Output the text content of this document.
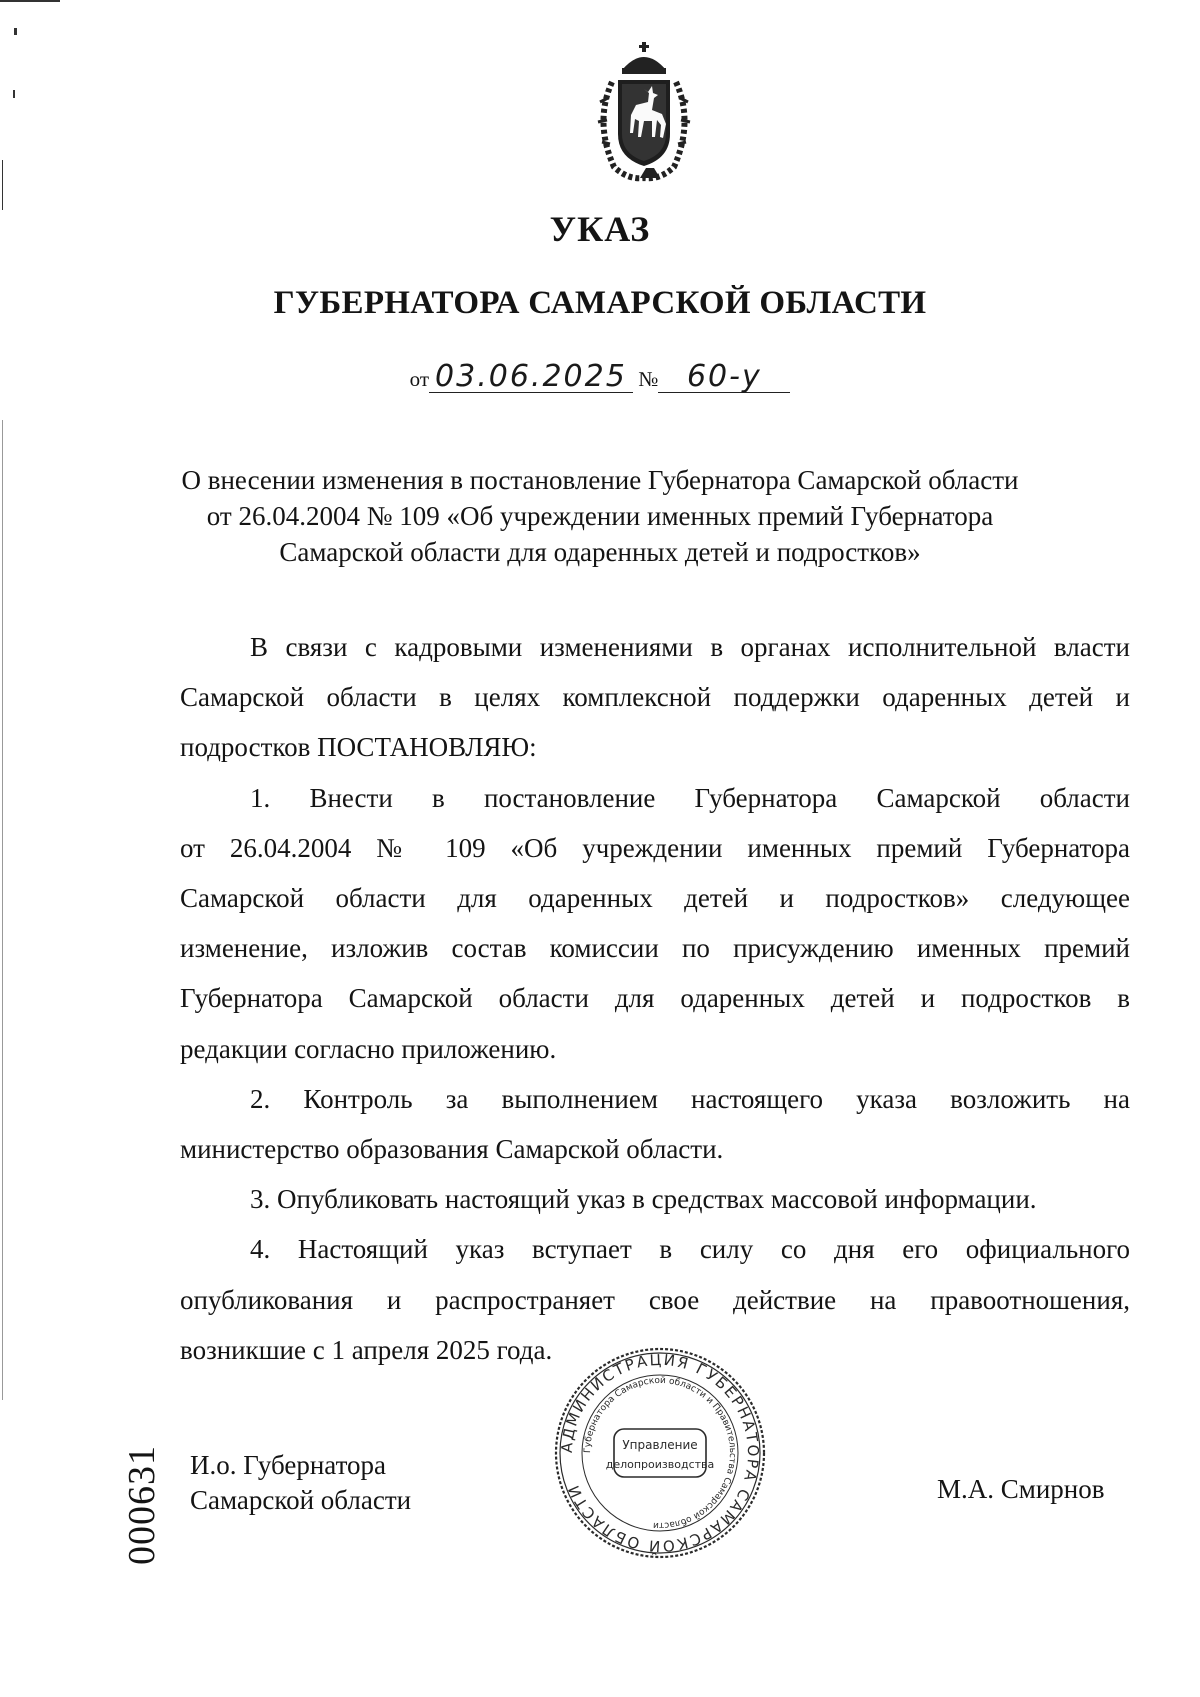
УКАЗ
ГУБЕРНАТОРА САМАРСКОЙ ОБЛАСТИ
от 03.06.2025 № 60-у
О внесении изменения в постановление Губернатора Самарской области
от 26.04.2004 № 109 «Об учреждении именных премий Губернатора
Самарской области для одаренных детей и подростков»
В связи с кадровыми изменениями в органах исполнительной власти
Самарской области в целях комплексной поддержки одаренных детей и
подростков ПОСТАНОВЛЯЮ:
1. Внести в постановление Губернатора Самарской области
от 26.04.2004 № 109 «Об учреждении именных премий Губернатора
Самарской области для одаренных детей и подростков» следующее
изменение, изложив состав комиссии по присуждению именных премий
Губернатора Самарской области для одаренных детей и подростков в
редакции согласно приложению.
2. Контроль за выполнением настоящего указа возложить на
министерство образования Самарской области.
3. Опубликовать настоящий указ в средствах массовой информации.
4. Настоящий указ вступает в силу со дня его официального
опубликования и распространяет свое действие на правоотношения,
возникшие с 1 апреля 2025 года.
И.о. Губернатора
Самарской области	М.А. Смирнов
АДМИНИСТРАЦИЯ ГУБЕРНАТОРА САМАРСКОЙ ОБЛАСТИ
Губернатора Самарской области и Правительства Самарской области
Управление
делопроизводства
000631
